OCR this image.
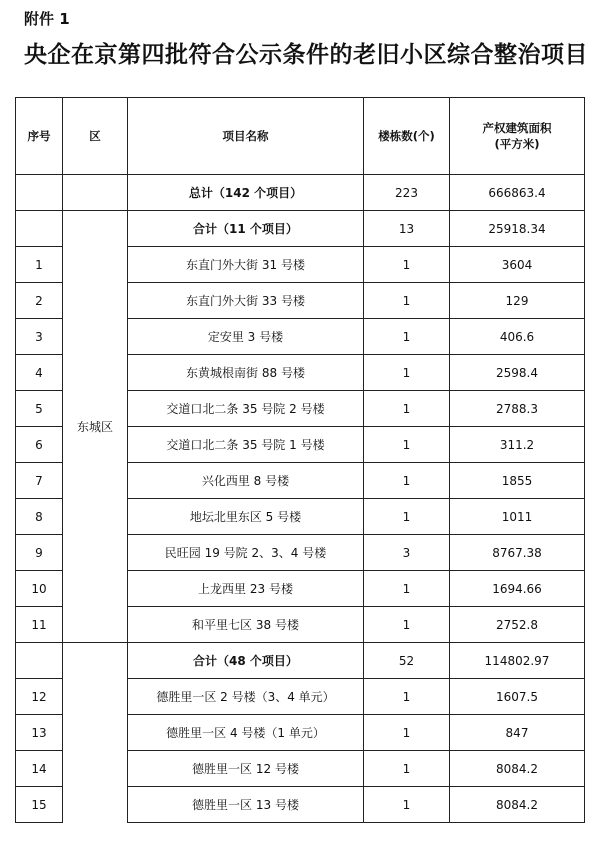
附件 1
央企在京第四批符合公示条件的老旧小区综合整治项目
序号	区	项目名称	楼栋数(个)	产权建筑面积
(平方米)

		总计（142 个项目）	223	666863.4
	东城区	合计（11 个项目）	13	25918.34
1		东直门外大街 31 号楼	1	3604
2		东直门外大街 33 号楼	1	129
3		定安里 3 号楼	1	406.6
4		东黄城根南街 88 号楼	1	2598.4
5		交道口北二条 35 号院 2 号楼	1	2788.3
6		交道口北二条 35 号院 1 号楼	1	311.2
7		兴化西里 8 号楼	1	1855
8		地坛北里东区 5 号楼	1	1011
9		民旺园 19 号院 2、3、4 号楼	3	8767.38
10		上龙西里 23 号楼	1	1694.66
11		和平里七区 38 号楼	1	2752.8
		合计（48 个项目）	52	114802.97
12		德胜里一区 2 号楼（3、4 单元）	1	1607.5
13		德胜里一区 4 号楼（1 单元）	1	847
14		德胜里一区 12 号楼	1	8084.2
15		德胜里一区 13 号楼	1	8084.2
